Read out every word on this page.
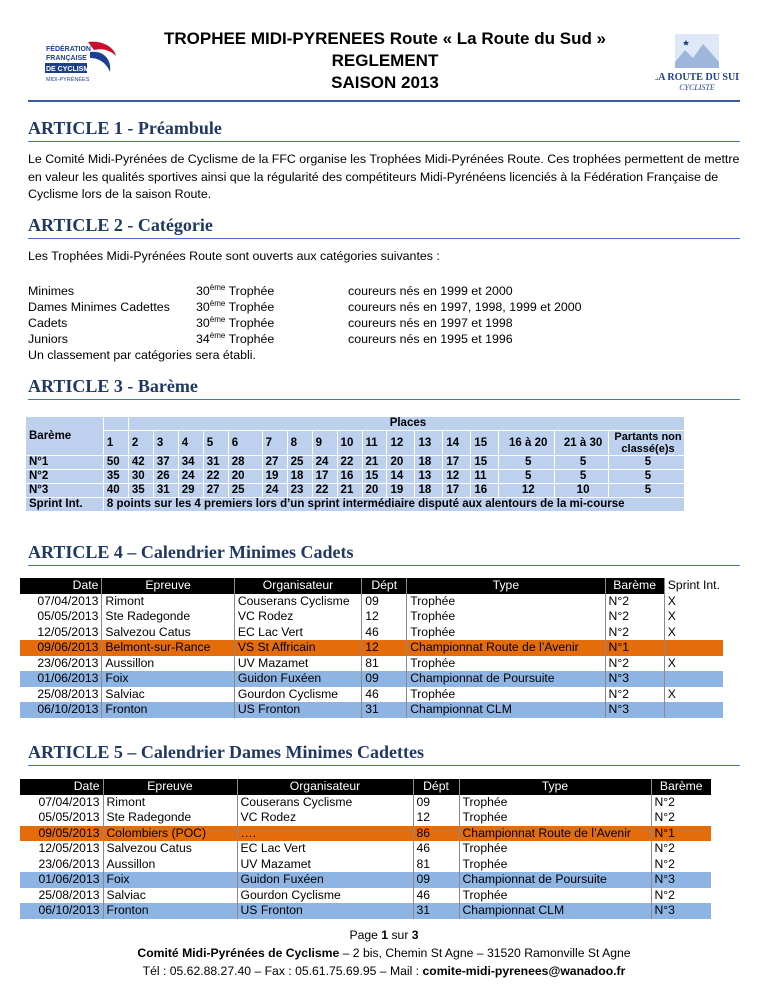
FÉDÉRATION
FRANÇAISE
DE CYCLISME
MIDI-PYRÉNÉES
TROPHEE MIDI-PYRENEES Route « La Route du Sud »
REGLEMENT
SAISON 2013	LA ROUTE DU SUD
CYCLISTE
ARTICLE 1 - Préambule
Le Comité Midi-Pyrénées de Cyclisme de la FFC organise les Trophées Midi-Pyrénées Route. Ces trophées permettent de mettre en valeur les qualités sportives ainsi que la régularité des compétiteurs Midi-Pyrénéens licenciés à la Fédération Française de Cyclisme lors de la saison Route.
ARTICLE 2 - Catégorie
Les Trophées Midi-Pyrénées Route sont ouverts aux catégories suivantes :
Minimes	30ème Trophée	coureurs nés en 1999 et 2000
Dames Minimes Cadettes 30ème Trophée	coureurs nés en 1997, 1998, 1999 et 2000
Cadets	30ème Trophée	coureurs nés en 1997 et 1998
Juniors	34ème Trophée	coureurs nés en 1995 et 1996
Un classement par catégories sera établi.
ARTICLE 3 - Barème
Barème		Places																
	1	2	3	4	5	6	7	8	9	10	11	12	13	14	15	16 à 20	21 à 30	Partants non classé(e)s
N°1	50	42	37	34	31	28	27	25	24	22	21	20	18	17	15	5	5	5
N°2	35	30	26	24	22	20	19	18	17	16	15	14	13	12	11	5	5	5
N°3	40	35	31	29	27	25	24	23	22	21	20	19	18	17	16	12	10	5
Sprint Int.	8 points sur les 4 premiers lors d’un sprint intermédiaire disputé aux alentours de la mi-course																	
ARTICLE 4 – Calendrier Minimes Cadets
Date	Epreuve	Organisateur	Dépt	Type	Barème	Sprint Int.
07/04/2013	Rimont	Couserans Cyclisme	09	Trophée	N°2	X
05/05/2013	Ste Radegonde	VC Rodez	12	Trophée	N°2	X
12/05/2013	Salvezou Catus	EC Lac Vert	46	Trophée	N°2	X
09/06/2013	Belmont-sur-Rance	VS St Affricain	12	Championnat Route de l’Avenir	N°1	
23/06/2013	Aussillon	UV Mazamet	81	Trophée	N°2	X
01/06/2013	Foix	Guidon Fuxéen	09	Championnat de Poursuite	N°3	
25/08/2013	Salviac	Gourdon Cyclisme	46	Trophée	N°2	X
06/10/2013	Fronton	US Fronton	31	Championnat CLM	N°3	
ARTICLE 5 – Calendrier Dames Minimes Cadettes
Date	Epreuve	Organisateur	Dépt	Type	Barème
07/04/2013	Rimont	Couserans Cyclisme	09	Trophée	N°2
05/05/2013	Ste Radegonde	VC Rodez	12	Trophée	N°2
09/05/2013	Colombiers (POC)	….	86	Championnat Route de l’Avenir	N°1
12/05/2013	Salvezou Catus	EC Lac Vert	46	Trophée	N°2
23/06/2013	Aussillon	UV Mazamet	81	Trophée	N°2
01/06/2013	Foix	Guidon Fuxéen	09	Championnat de Poursuite	N°3
25/08/2013	Salviac	Gourdon Cyclisme	46	Trophée	N°2
06/10/2013	Fronton	US Fronton	31	Championnat CLM	N°3
Page 1 sur 3
Comité Midi-Pyrénées de Cyclisme – 2 bis, Chemin St Agne – 31520 Ramonville St Agne
Tél : 05.62.88.27.40 – Fax : 05.61.75.69.95 – Mail : comite-midi-pyrenees@wanadoo.fr
